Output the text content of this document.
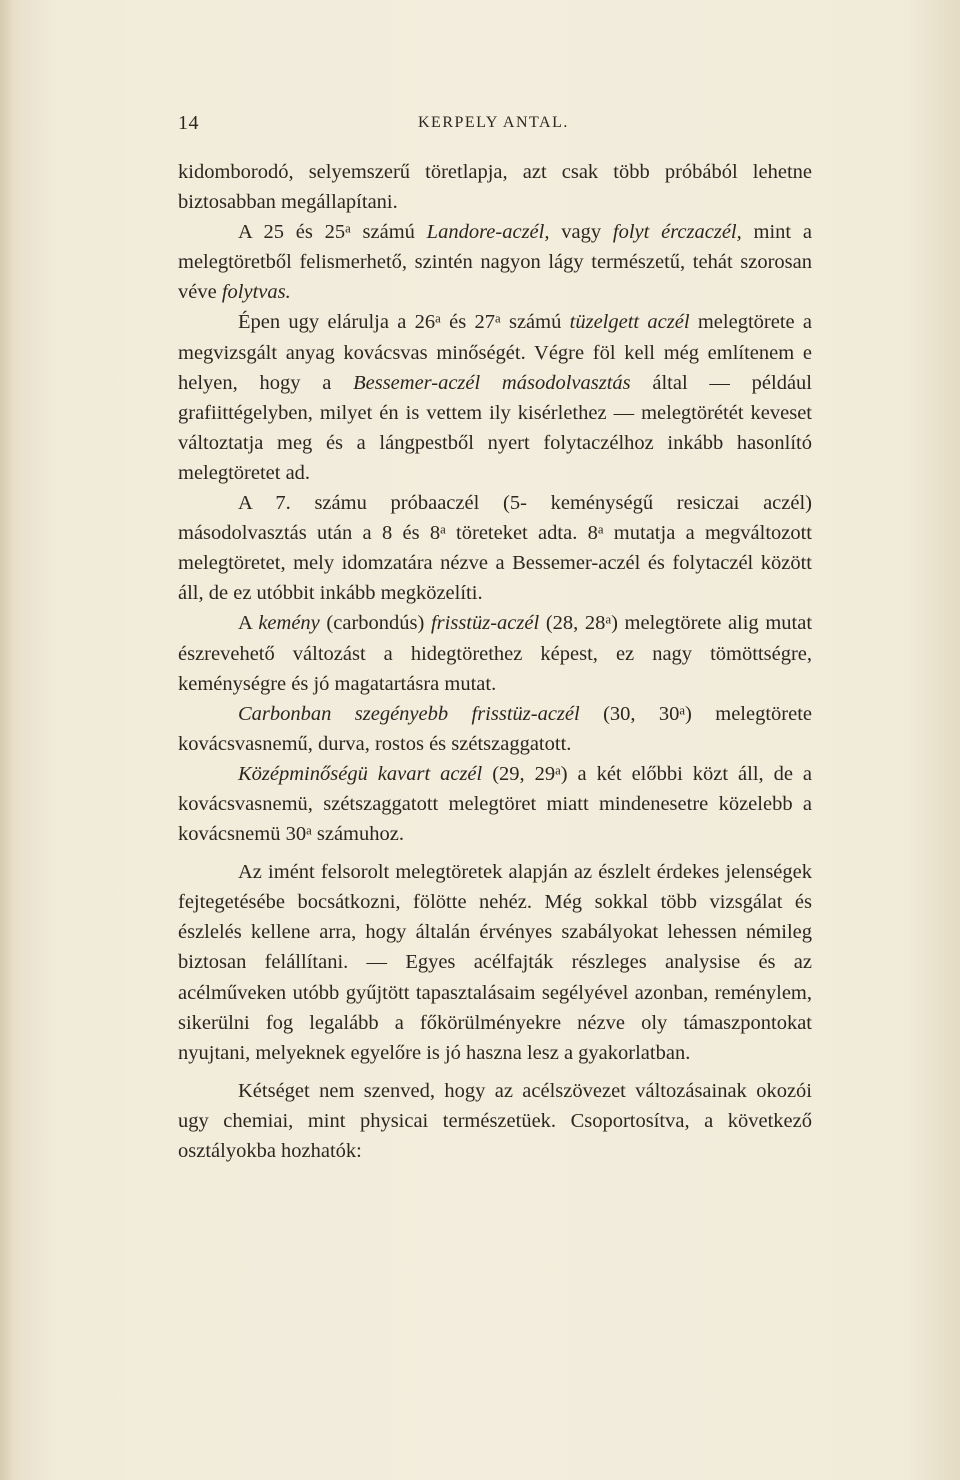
14	KERPELY ANTAL.

kidomborodó, selyemszerű töretlapja, azt csak több próbából lehetne biztosabban megállapítani.

A 25 és 25$^a$ számú Landore-aczél, vagy folyt érczaczél, mint a melegtöretből felismerhető, szintén nagyon lágy természetű, tehát szorosan véve folytvas.

Épen ugy elárulja a 26$^a$ és 27$^a$ számú tüzelgett aczél melegtörete a megvizsgált anyag kovácsvas minőségét. Végre föl kell még említenem e helyen, hogy a Bessemer-aczél másodolvasztás által — például grafiittégelyben, milyet én is vettem ily kisérlethez — melegtörétét keveset változtatja meg és a lángpestből nyert folytaczélhoz inkább hasonlító melegtöretet ad.

A 7. számu próbaaczél (5- keménységű resiczai aczél) másodolvasztás után a 8 és 8$^a$ töreteket adta. 8$^a$ mutatja a megváltozott melegtöretet, mely idomzatára nézve a Bessemer-aczél és folytaczél között áll, de ez utóbbit inkább megközelíti.

A kemény (carbondús) frisstüz-aczél (28, 28$^a$) melegtörete alig mutat észrevehető változást a hidegtörethez képest, ez nagy tömöttségre, keménységre és jó magatartásra mutat.

Carbonban szegényebb frisstüz-aczél (30, 30$^a$) melegtörete kovácsvasnemű, durva, rostos és szétszaggatott.

Középminőségü kavart aczél (29, 29$^a$) a két előbbi közt áll, de a kovácsvasnemü, szétszaggatott melegtöret miatt mindenesetre közelebb a kovácsnemü 30$^a$ számuhoz.

Az imént felsorolt melegtöretek alapján az észlelt érdekes jelenségek fejtegetésébe bocsátkozni, fölötte nehéz. Még sokkal több vizsgálat és észlelés kellene arra, hogy általán érvényes szabályokat lehessen némileg biztosan felállítani. — Egyes acélfajták részleges analysise és az acélműveken utóbb gyűjtött tapasztalásaim segélyével azonban, reménylem, sikerülni fog legalább a főkörülményekre nézve oly támaszpontokat nyujtani, melyeknek egyelőre is jó haszna lesz a gyakorlatban.

Kétséget nem szenved, hogy az acélszövezet változásainak okozói ugy chemiai, mint physicai természetüek. Csoportosítva, a következő osztályokba hozhatók:
